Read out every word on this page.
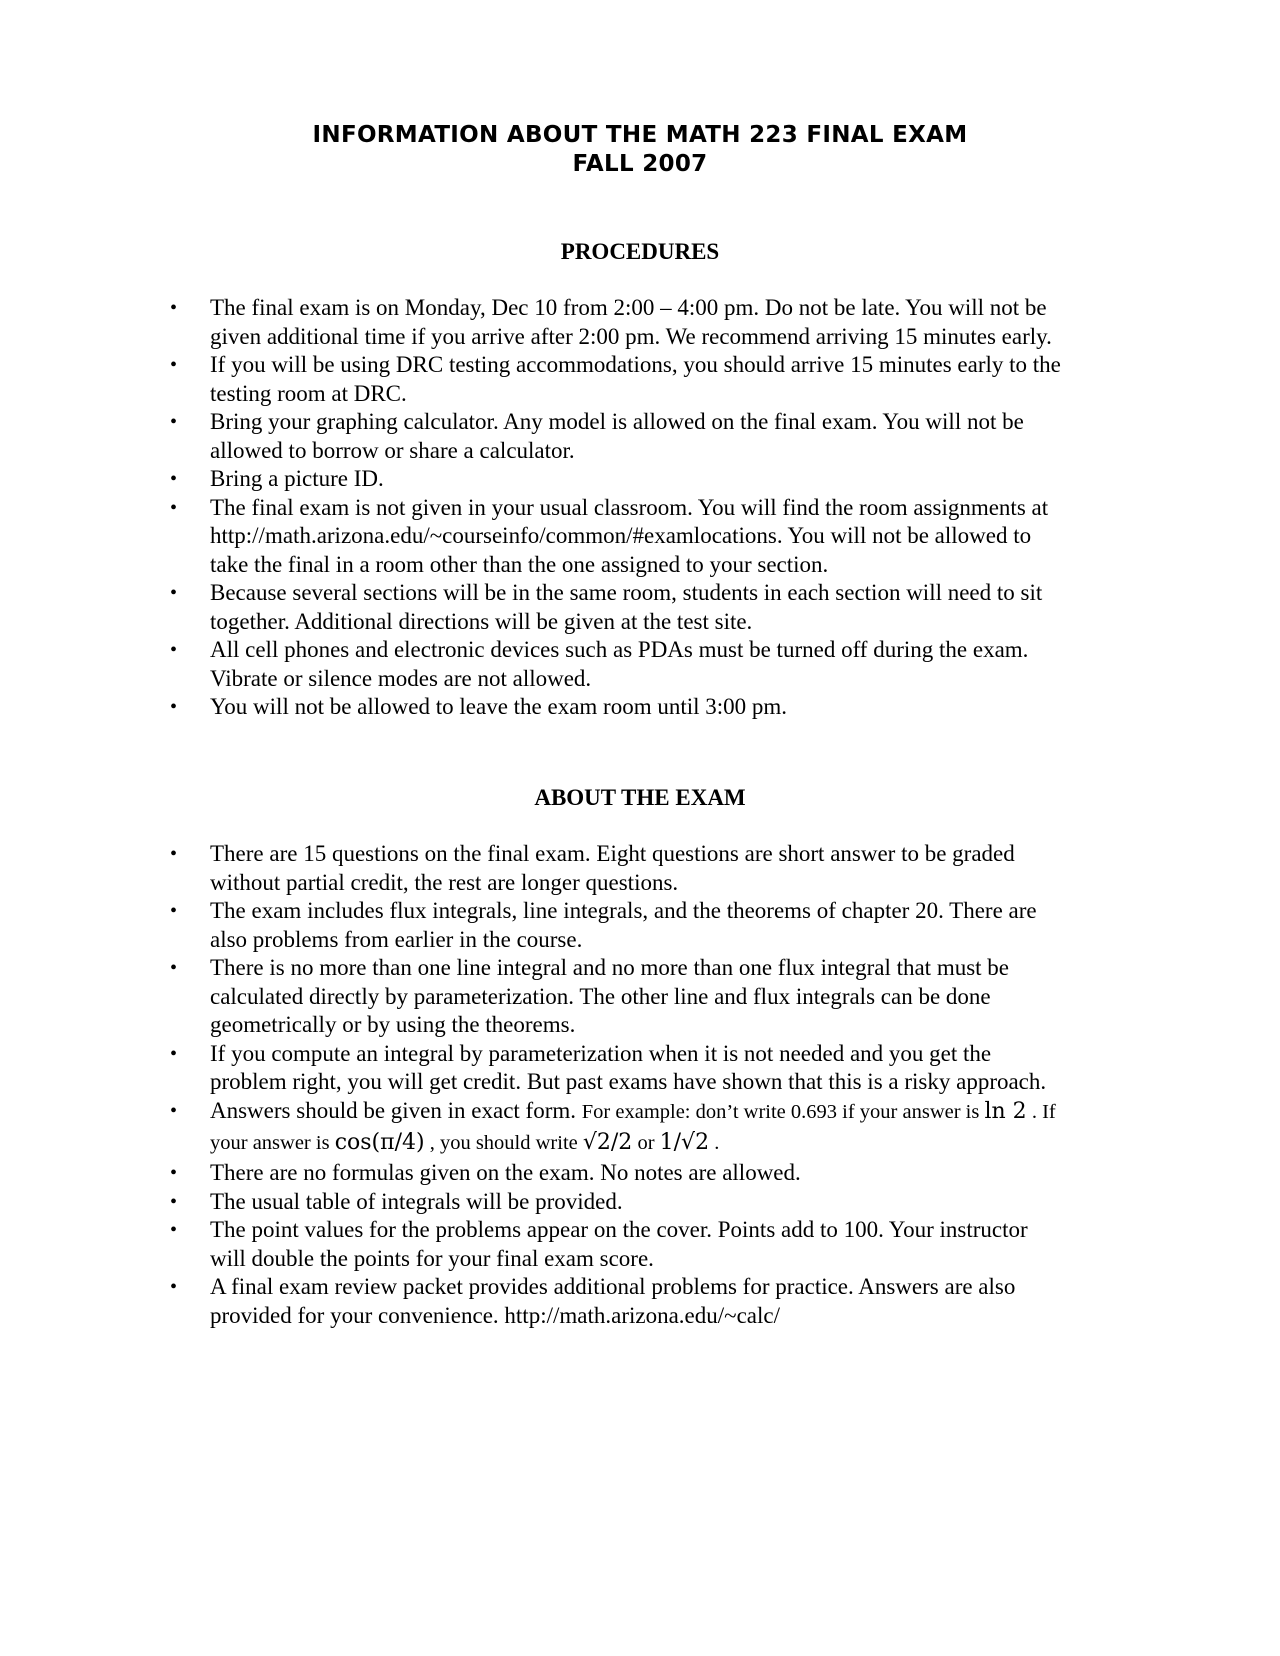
INFORMATION ABOUT THE MATH 223 FINAL EXAM
FALL 2007
PROCEDURES
• The final exam is on Monday, Dec 10 from 2:00 – 4:00 pm. Do not be late. You will not be
given additional time if you arrive after 2:00 pm. We recommend arriving 15 minutes early.
• If you will be using DRC testing accommodations, you should arrive 15 minutes early to the
testing room at DRC.
• Bring your graphing calculator. Any model is allowed on the final exam. You will not be
allowed to borrow or share a calculator.
• Bring a picture ID.
• The final exam is not given in your usual classroom. You will find the room assignments at
http://math.arizona.edu/~courseinfo/common/#examlocations. You will not be allowed to
take the final in a room other than the one assigned to your section.
• Because several sections will be in the same room, students in each section will need to sit
together. Additional directions will be given at the test site.
• All cell phones and electronic devices such as PDAs must be turned off during the exam.
Vibrate or silence modes are not allowed.
• You will not be allowed to leave the exam room until 3:00 pm.
ABOUT THE EXAM
• There are 15 questions on the final exam. Eight questions are short answer to be graded
without partial credit, the rest are longer questions.
• The exam includes flux integrals, line integrals, and the theorems of chapter 20. There are
also problems from earlier in the course.
• There is no more than one line integral and no more than one flux integral that must be
calculated directly by parameterization. The other line and flux integrals can be done
geometrically or by using the theorems.
• If you compute an integral by parameterization when it is not needed and you get the
problem right, you will get credit. But past exams have shown that this is a risky approach.
• Answers should be given in exact form. For example: don’t write 0.693 if your answer is ln 2 . If
your answer is cos(π/4) , you should write √2/2 or 1/√2 .
• There are no formulas given on the exam. No notes are allowed.
• The usual table of integrals will be provided.
• The point values for the problems appear on the cover. Points add to 100. Your instructor
will double the points for your final exam score.
• A final exam review packet provides additional problems for practice. Answers are also
provided for your convenience. http://math.arizona.edu/~calc/
